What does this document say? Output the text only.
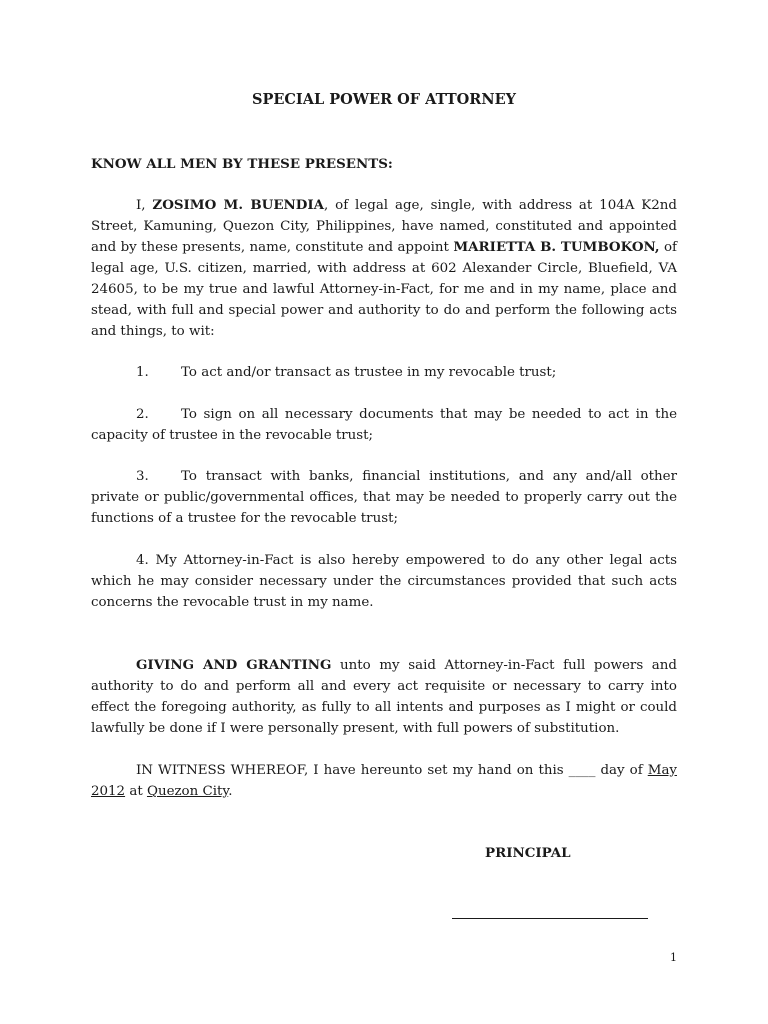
SPECIAL POWER OF ATTORNEY
KNOW ALL MEN BY THESE PRESENTS:

I, ZOSIMO M. BUENDIA, of legal age, single, with address at 104A K2nd Street, Kamuning, Quezon City, Philippines, have named, constituted and appointed and by these presents, name, constitute and appoint MARIETTA B. TUMBOKON, of legal age, U.S. citizen, married, with address at 602 Alexander Circle, Bluefield, VA 24605, to be my true and lawful Attorney-in-Fact, for me and in my name, place and stead, with full and special power and authority to do and perform the following acts and things, to wit:

1. To act and/or transact as trustee in my revocable trust;

2. To sign on all necessary documents that may be needed to act in the capacity of trustee in the revocable trust;

3. To transact with banks, financial institutions, and any and/all other private or public/governmental offices, that may be needed to properly carry out the functions of a trustee for the revocable trust;

4. My Attorney-in-Fact is also hereby empowered to do any other legal acts which he may consider necessary under the circumstances provided that such acts concerns the revocable trust in my name.

GIVING AND GRANTING unto my said Attorney-in-Fact full powers and authority to do and perform all and every act requisite or necessary to carry into effect the foregoing authority, as fully to all intents and purposes as I might or could lawfully be done if I were personally present, with full powers of substitution.

IN WITNESS WHEREOF, I have hereunto set my hand on this ____ day of May 2012 at Quezon City.

PRINCIPAL
1
